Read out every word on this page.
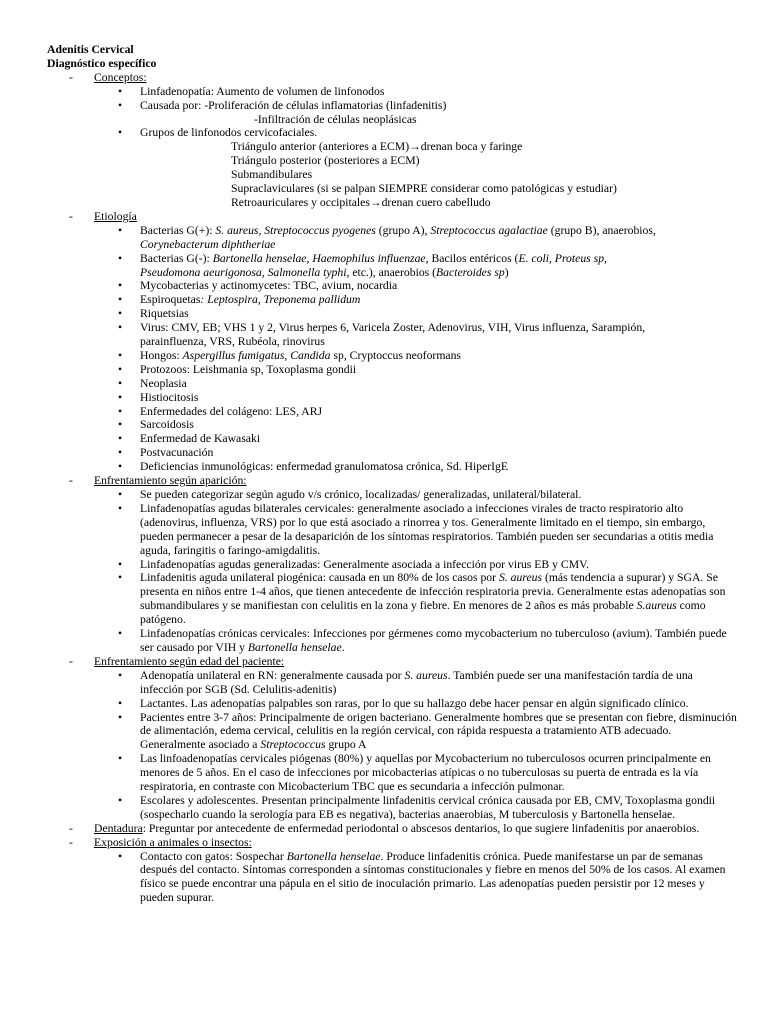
Adenitis Cervical
Diagnóstico específico
- Conceptos:
• Linfadenopatía: Aumento de volumen de linfonodos
• Causada por: -Proliferación de células inflamatorias (linfadenitis)
-Infiltración de células neoplásicas
• Grupos de linfonodos cervicofaciales.
Triángulo anterior (anteriores a ECM)→drenan boca y faringe
Triángulo posterior (posteriores a ECM)
Submandibulares
Supraclaviculares (si se palpan SIEMPRE considerar como patológicas y estudiar)
Retroauriculares y occipitales→drenan cuero cabelludo
- Etiología
• Bacterias G(+): S. aureus, Streptococcus pyogenes (grupo A), Streptococcus agalactiae (grupo B), anaerobios,
Corynebacterum diphtheriae
• Bacterias G(-): Bartonella henselae, Haemophilus influenzae, Bacilos entéricos (E. coli, Proteus sp,
Pseudomona aeurigonosa, Salmonella typhi, etc.), anaerobios (Bacteroides sp)
• Mycobacterias y actinomycetes: TBC, avium, nocardia
• Espiroquetas: Leptospira, Treponema pallidum
• Riquetsias
• Virus: CMV, EB; VHS 1 y 2, Virus herpes 6, Varicela Zoster, Adenovirus, VIH, Virus influenza, Sarampión,
parainfluenza, VRS, Rubéola, rinovirus
• Hongos: Aspergillus fumigatus, Candida sp, Cryptoccus neoformans
• Protozoos: Leishmania sp, Toxoplasma gondii
• Neoplasia
• Histiocitosis
• Enfermedades del colágeno: LES, ARJ
• Sarcoidosis
• Enfermedad de Kawasaki
• Postvacunación
• Deficiencias inmunológicas: enfermedad granulomatosa crónica, Sd. HiperIgE
- Enfrentamiento según aparición:
• Se pueden categorizar según agudo v/s crónico, localizadas/ generalizadas, unilateral/bilateral.
• Linfadenopatías agudas bilaterales cervicales: generalmente asociado a infecciones virales de tracto respiratorio alto (adenovirus, influenza, VRS) por lo que está asociado a rinorrea y tos. Generalmente limitado en el tiempo, sin embargo, pueden permanecer a pesar de la desaparición de los síntomas respiratorios. También pueden ser secundarias a otitis media aguda, faringitis o faringo-amigdalitis.
• Linfadenopatías agudas generalizadas: Generalmente asociada a infección por virus EB y CMV.
• Linfadenitis aguda unilateral piogénica: causada en un 80% de los casos por S. aureus (más tendencia a supurar) y SGA. Se presenta en niños entre 1-4 años, que tienen antecedente de infección respiratoria previa. Generalmente estas adenopatías son submandibulares y se manifiestan con celulitis en la zona y fiebre. En menores de 2 años es más probable S.aureus como patógeno.
• Linfadenopatías crónicas cervicales: Infecciones por gérmenes como mycobacterium no tuberculoso (avium). También puede ser causado por VIH y Bartonella henselae.
- Enfrentamiento según edad del paciente:
• Adenopatía unilateral en RN: generalmente causada por S. aureus. También puede ser una manifestación tardía de una infección por SGB (Sd. Celulitis-adenitis)
• Lactantes. Las adenopatías palpables son raras, por lo que su hallazgo debe hacer pensar en algún significado clínico.
• Pacientes entre 3-7 años: Principalmente de origen bacteriano. Generalmente hombres que se presentan con fiebre, disminución de alimentación, edema cervical, celulitis en la región cervical, con rápida respuesta a tratamiento ATB adecuado. Generalmente asociado a Streptococcus grupo A
• Las linfoadenopatías cervicales piógenas (80%) y aquellas por Mycobacterium no tuberculosos ocurren principalmente en menores de 5 años. En el caso de infecciones por micobacterias atípicas o no tuberculosas su puerta de entrada es la vía respiratoria, en contraste con Micobacterium TBC que es secundaria a infección pulmonar.
• Escolares y adolescentes. Presentan principalmente linfadenitis cervical crónica causada por EB, CMV, Toxoplasma gondii (sospecharlo cuando la serología para EB es negativa), bacterias anaerobias, M tuberculosis y Bartonella henselae.
- Dentadura: Preguntar por antecedente de enfermedad periodontal o abscesos dentarios, lo que sugiere linfadenitis por anaerobios.
- Exposición a animales o insectos:
• Contacto con gatos: Sospechar Bartonella henselae. Produce linfadenitis crónica. Puede manifestarse un par de semanas después del contacto. Síntomas corresponden a síntomas constitucionales y fiebre en menos del 50% de los casos. Al examen físico se puede encontrar una pápula en el sitio de inoculación primario. Las adenopatías pueden persistir por 12 meses y pueden supurar.
